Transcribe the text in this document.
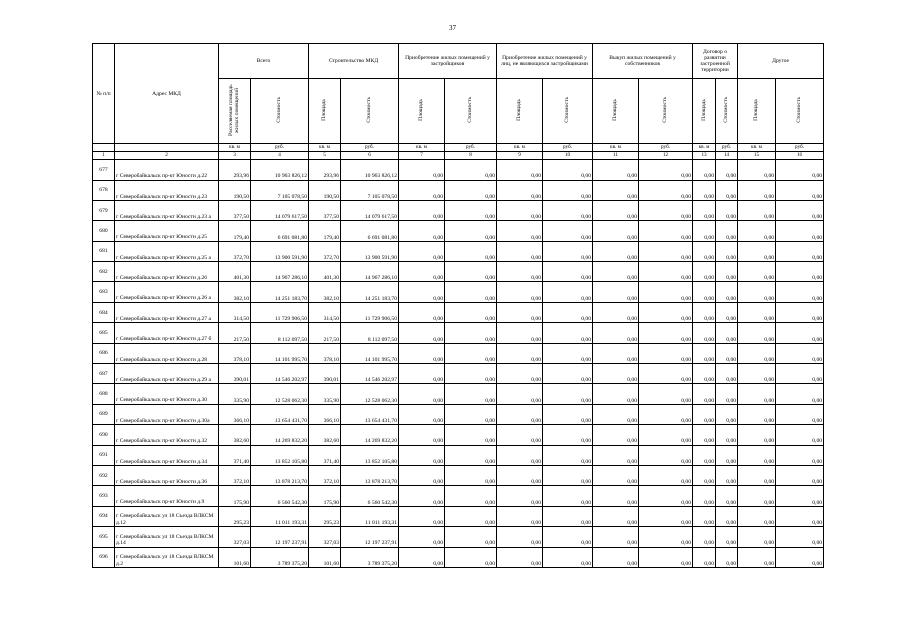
37
№ п/п	Адрес МКД	Всего		Строительство МКД		Приобретение жилых помещений у застройщиков		Приобретение жилых помещений у лиц, не являющихся застройщиками		Выкуп жилых помещений у собственников		Договор о развитии застроенной территории		Другое	
		Расселяемая площадь жилых помещений	Стоимость	Площадь	Стоимость	Площадь	Стоимость	Площадь	Стоимость	Площадь	Стоимость	Площадь	Стоимость	Площадь	Стоимость
		кв. м	руб.	кв. м	руб.	кв. м	руб.	кв. м	руб.	кв. м	руб.	кв. м	руб.	кв. м	руб.
1	2	3	4	5	6	7	8	9	10	11	12	13	14	15	16
677	г Северобайкальск пр-кт Юности д.22	293,96	10 963 826,12	293,96	10 963 826,12	0,00	0,00	0,00	0,00	0,00	0,00	0,00	0,00	0,00	0,00
678	г Северобайкальск пр-кт Юности д.23	190,50	7 105 078,50	190,50	7 105 078,50	0,00	0,00	0,00	0,00	0,00	0,00	0,00	0,00	0,00	0,00
679	г Северобайкальск пр-кт Юности д.23 а	377,50	14 079 617,50	377,50	14 079 617,50	0,00	0,00	0,00	0,00	0,00	0,00	0,00	0,00	0,00	0,00
680	г Северобайкальск пр-кт Юности д.25	179,40	6 691 081,80	179,40	6 691 081,80	0,00	0,00	0,00	0,00	0,00	0,00	0,00	0,00	0,00	0,00
681	г Северобайкальск пр-кт Юности д.25 а	372,70	13 900 591,90	372,70	13 900 591,90	0,00	0,00	0,00	0,00	0,00	0,00	0,00	0,00	0,00	0,00
682	г Северобайкальск пр-кт Юности д.26	401,30	14 967 286,10	401,30	14 967 286,10	0,00	0,00	0,00	0,00	0,00	0,00	0,00	0,00	0,00	0,00
683	г Северобайкальск пр-кт Юности д.26 а	382,10	14 251 183,70	382,10	14 251 183,70	0,00	0,00	0,00	0,00	0,00	0,00	0,00	0,00	0,00	0,00
684	г Северобайкальск пр-кт Юности д.27 а	314,50	11 729 906,50	314,50	11 729 906,50	0,00	0,00	0,00	0,00	0,00	0,00	0,00	0,00	0,00	0,00
685	г Северобайкальск пр-кт Юности д.27 б	217,50	8 112 097,50	217,50	8 112 097,50	0,00	0,00	0,00	0,00	0,00	0,00	0,00	0,00	0,00	0,00
686	г Северобайкальск пр-кт Юности д.28	378,10	14 101 995,70	378,10	14 101 995,70	0,00	0,00	0,00	0,00	0,00	0,00	0,00	0,00	0,00	0,00
687	г Северобайкальск пр-кт Юности д.29 а	390,01	14 546 202,97	390,01	14 546 202,97	0,00	0,00	0,00	0,00	0,00	0,00	0,00	0,00	0,00	0,00
688	г Северобайкальск пр-кт Юности д.30	335,90	12 528 062,30	335,90	12 528 062,30	0,00	0,00	0,00	0,00	0,00	0,00	0,00	0,00	0,00	0,00
689	г Северобайкальск пр-кт Юности д.30а	366,10	13 654 431,70	366,10	13 654 431,70	0,00	0,00	0,00	0,00	0,00	0,00	0,00	0,00	0,00	0,00
690	г Северобайкальск пр-кт Юности д.32	382,60	14 269 832,20	382,60	14 269 832,20	0,00	0,00	0,00	0,00	0,00	0,00	0,00	0,00	0,00	0,00
691	г Северобайкальск пр-кт Юности д.34	371,40	13 852 105,80	371,40	13 852 105,80	0,00	0,00	0,00	0,00	0,00	0,00	0,00	0,00	0,00	0,00
692	г Северобайкальск пр-кт Юности д.36	372,10	13 878 213,70	372,10	13 878 213,70	0,00	0,00	0,00	0,00	0,00	0,00	0,00	0,00	0,00	0,00
693	г Северобайкальск пр-кт Юности д.9	175,90	6 560 542,30	175,90	6 560 542,30	0,00	0,00	0,00	0,00	0,00	0,00	0,00	0,00	0,00	0,00
694	г Северобайкальск ул 18 Съезда ВЛКСМ д.12	295,23	11 011 193,31	295,23	11 011 193,31	0,00	0,00	0,00	0,00	0,00	0,00	0,00	0,00	0,00	0,00
695	г Северобайкальск ул 18 Съезда ВЛКСМ д.14	327,03	12 197 237,91	327,03	12 197 237,91	0,00	0,00	0,00	0,00	0,00	0,00	0,00	0,00	0,00	0,00
696	г Северобайкальск ул 18 Съезда ВЛКСМ д.2	101,60	3 789 375,20	101,60	3 789 375,20	0,00	0,00	0,00	0,00	0,00	0,00	0,00	0,00	0,00	0,00
